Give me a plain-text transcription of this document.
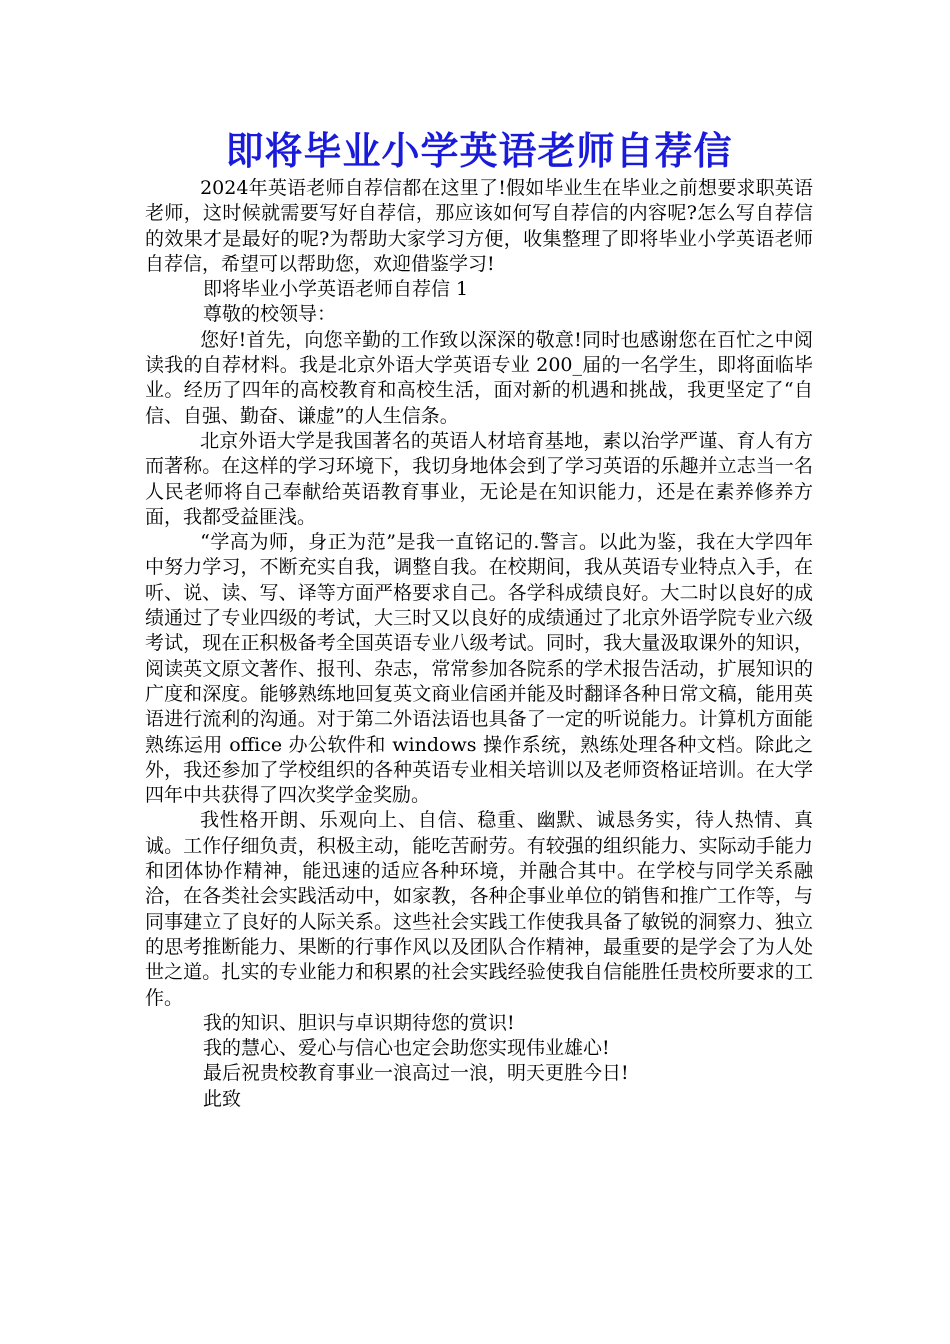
即将毕业小学英语老师自荐信

2024年英语老师自荐信都在这里了!假如毕业生在毕业之前想要求职英语老师，这时候就需要写好自荐信，那应该如何写自荐信的内容呢?怎么写自荐信的效果才是最好的呢?为帮助大家学习方便，收集整理了即将毕业小学英语老师自荐信，希望可以帮助您，欢迎借鉴学习!

即将毕业小学英语老师自荐信 1

尊敬的校领导：

您好!首先，向您辛勤的工作致以深深的敬意!同时也感谢您在百忙之中阅读我的自荐材料。我是北京外语大学英语专业 200_届的一名学生，即将面临毕业。经历了四年的高校教育和高校生活，面对新的机遇和挑战，我更坚定了“自信、自强、勤奋、谦虚”的人生信条。

北京外语大学是我国著名的英语人材培育基地，素以治学严谨、育人有方而著称。在这样的学习环境下，我切身地体会到了学习英语的乐趣并立志当一名人民老师将自己奉献给英语教育事业，无论是在知识能力，还是在素养修养方面，我都受益匪浅。

“学高为师，身正为范”是我一直铭记的.警言。以此为鉴，我在大学四年中努力学习，不断充实自我，调整自我。在校期间，我从英语专业特点入手，在听、说、读、写、译等方面严格要求自己。各学科成绩良好。大二时以良好的成绩通过了专业四级的考试，大三时又以良好的成绩通过了北京外语学院专业六级考试，现在正积极备考全国英语专业八级考试。同时，我大量汲取课外的知识，阅读英文原文著作、报刊、杂志，常常参加各院系的学术报告活动，扩展知识的广度和深度。能够熟练地回复英文商业信函并能及时翻译各种日常文稿，能用英语进行流利的沟通。对于第二外语法语也具备了一定的听说能力。计算机方面能熟练运用 office 办公软件和 windows 操作系统，熟练处理各种文档。除此之外，我还参加了学校组织的各种英语专业相关培训以及老师资格证培训。在大学四年中共获得了四次奖学金奖励。

我性格开朗、乐观向上、自信、稳重、幽默、诚恳务实，待人热情、真诚。工作仔细负责，积极主动，能吃苦耐劳。有较强的组织能力、实际动手能力和团体协作精神，能迅速的适应各种环境，并融合其中。在学校与同学关系融洽，在各类社会实践活动中，如家教，各种企事业单位的销售和推广工作等，与同事建立了良好的人际关系。这些社会实践工作使我具备了敏锐的洞察力、独立的思考推断能力、果断的行事作风以及团队合作精神，最重要的是学会了为人处世之道。扎实的专业能力和积累的社会实践经验使我自信能胜任贵校所要求的工作。

我的知识、胆识与卓识期待您的赏识!

我的慧心、爱心与信心也定会助您实现伟业雄心!

最后祝贵校教育事业一浪高过一浪，明天更胜今日!

此致
